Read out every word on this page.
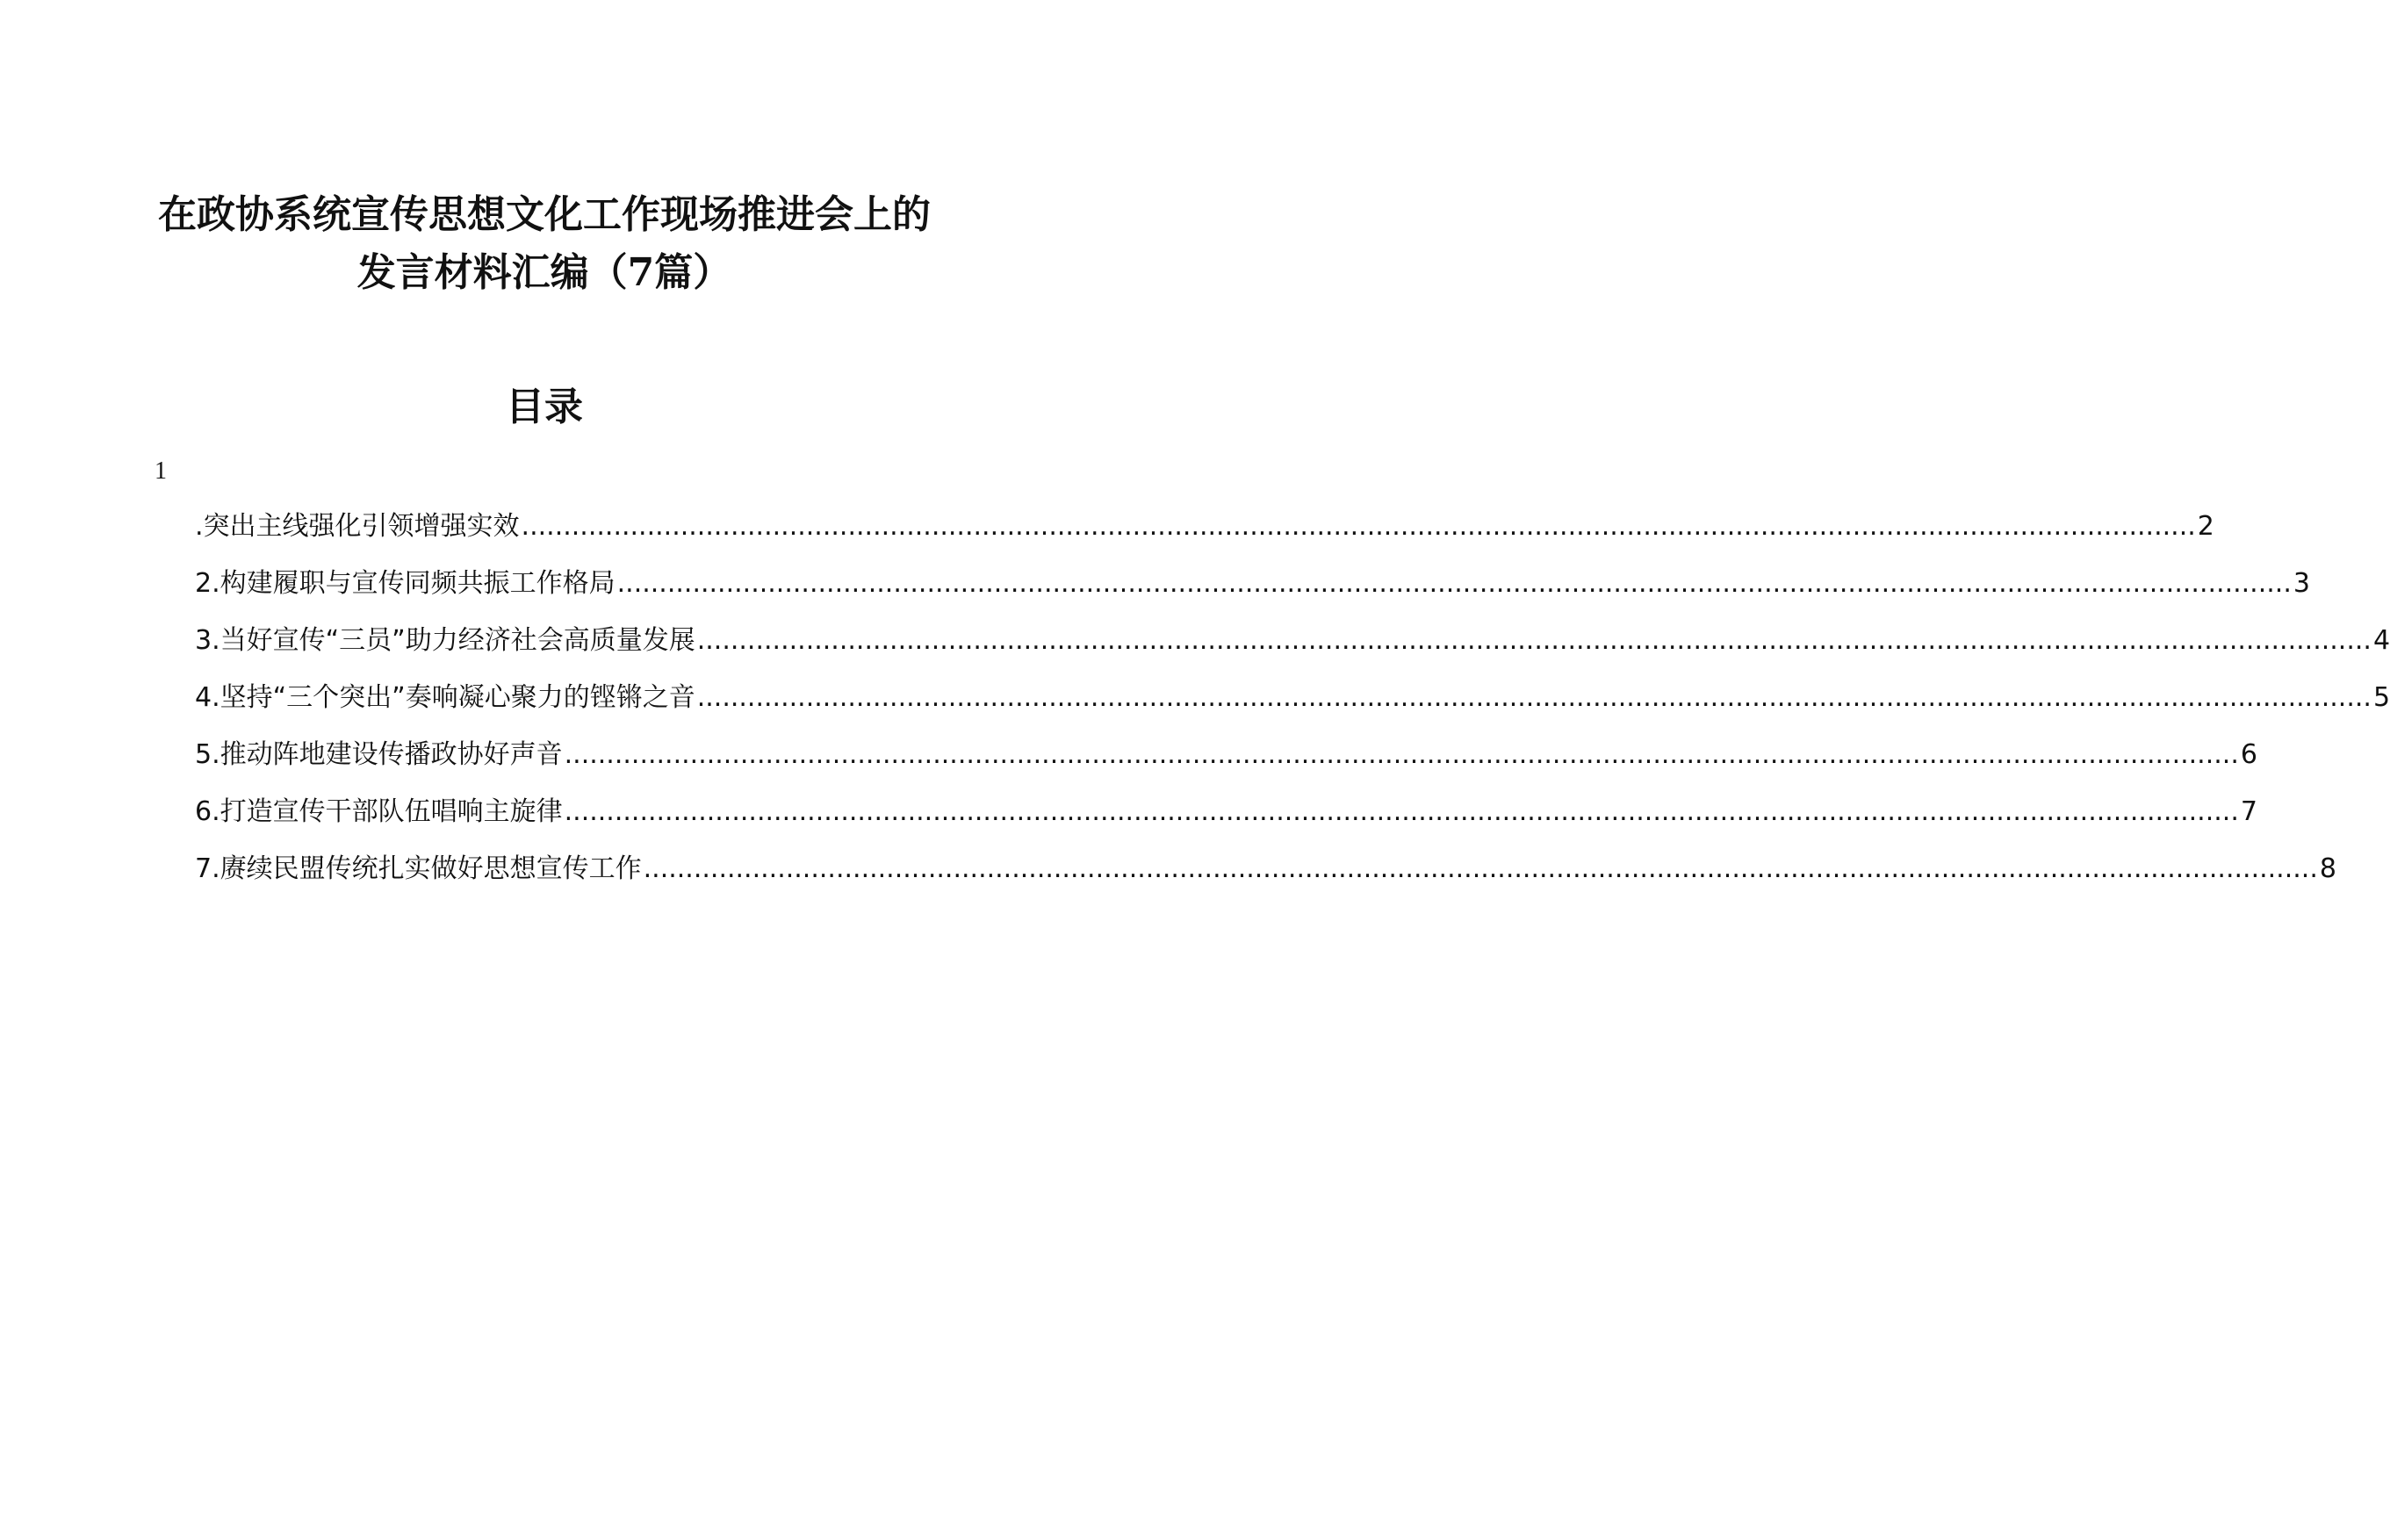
在政协系统宣传思想文化工作现场推进会上的
发言材料汇编（7篇）
目录
1
.突出主线强化引领增强实效 ........................................................................................................................................................................................................ 2
2.构建履职与宣传同频共振工作格局 ........................................................................................................................................................................................................ 3
3.当好宣传“三员”助力经济社会高质量发展 ........................................................................................................................................................................................................ 4
4.坚持“三个突出”奏响凝心聚力的铿锵之音 ........................................................................................................................................................................................................ 5
5.推动阵地建设传播政协好声音 ........................................................................................................................................................................................................ 6
6.打造宣传干部队伍唱响主旋律 ........................................................................................................................................................................................................ 7
7.赓续民盟传统扎实做好思想宣传工作 ........................................................................................................................................................................................................ 8
